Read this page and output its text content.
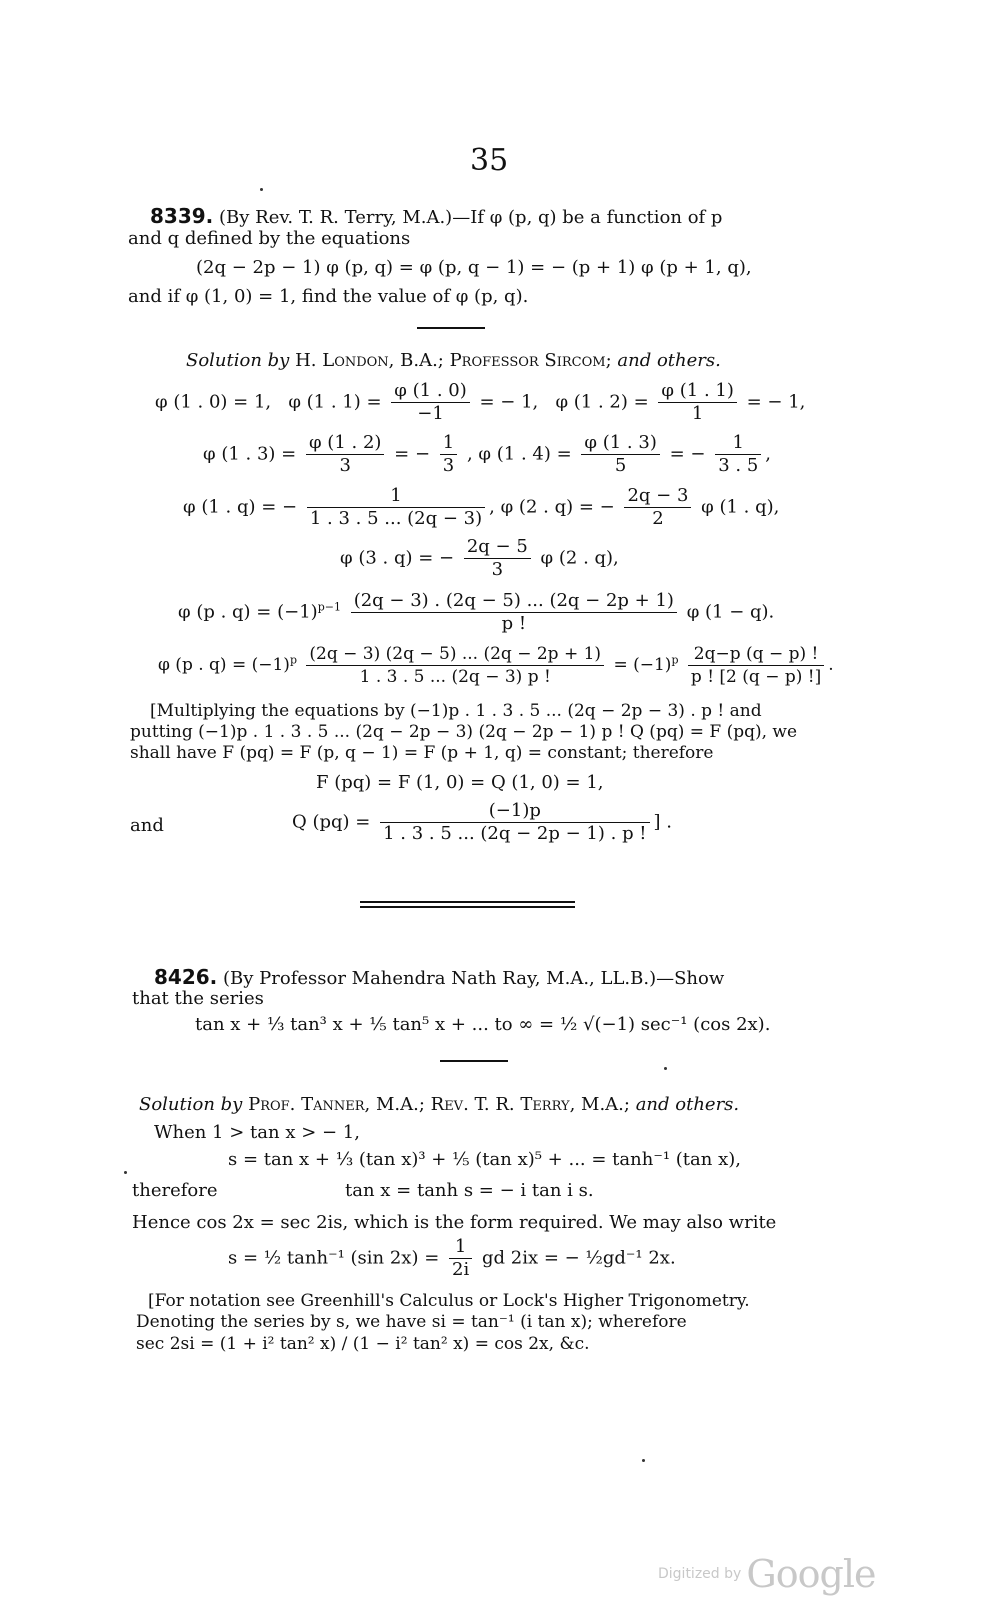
35
8339. (By Rev. T. R. Terry, M.A.)—If φ (p, q) be a function of p
and q defined by the equations
(2q − 2p − 1) φ (p, q) = φ (p, q − 1) = − (p + 1) φ (p + 1, q),
and if φ (1, 0) = 1, find the value of φ (p, q).
Solution by H. London, B.A.; Professor Sircom; and others.
φ (1 . 0) = 1, φ (1 . $1) = \frac{\varphi (1 . 0)}{-1}$ = − 1, φ (1 . $2) = \frac{\varphi (1 . 1)}{1}$ = − 1,
φ (1 . $3) = \frac{\varphi (1 . 2)}{3}$ = − $\frac{1}{3}$ , φ (1 . $4) = \frac{\varphi (1 . 3)}{5}$ = − $\frac{1}{3 . 5}$ ,
φ (1 . q) = − $\frac{1}{1 . 3 . 5 ... (2q - 3)}$ , φ (2 . q) = − $\frac{2q - 3}{2}$ φ (1 . q),
φ (3 . q) = − $\frac{2q - 5}{3}$ φ (2 . q),
φ (p . $q) = (-1)^{p-1} \frac{(2q - 3) . (2q - 5) ... (2q - 2p + 1)}{p !}$ φ (1 − q).
φ (p . $q) = (-1)^p \frac{(2q - 3) (2q - 5) ... (2q - 2p + 1)}{1 . 3 . 5 ... (2q - 3) p !} = (-1)^p \frac{2q-p (q - p) !}{p ! [2 (q - p) !]}$ .
[Multiplying the equations by (−1)p . 1 . 3 . 5 ... (2q − 2p − 3) . p ! and
putting (−1)p . 1 . 3 . 5 ... (2q − 2p − 3) (2q − 2p − 1) p ! Q (pq) = F (pq), we
shall have F (pq) = F (p, q − 1) = F (p + 1, q) = constant; therefore
F (pq) = F (1, 0) = Q (1, 0) = 1,
and	Q $(pq) = \frac{(-1)p}{1 . 3 . 5 ... (2q - 2p - 1) . p !}$ ] .
8426. (By Professor Mahendra Nath Ray, M.A., LL.B.)—Show
that the series
tan x + ⅓ tan³ x + ⅕ tan⁵ x + ... to ∞ = ½ √(−1) sec⁻¹ (cos 2x).
Solution by Prof. Tanner, M.A.; Rev. T. R. Terry, M.A.; and others.
When 1 > tan x > − 1,
s = tan x + ⅓ (tan x)³ + ⅕ (tan x)⁵ + ... = tanh⁻¹ (tan x),
therefore	tan x = tanh s = − i tan i s.
Hence cos 2x = sec 2is, which is the form required. We may also write
s = ½ tanh⁻¹ (sin $2x) = \frac{1}{2i}$ gd 2ix = − ½gd⁻¹ 2x.
[For notation see Greenhill's Calculus or Lock's Higher Trigonometry.
Denoting the series by s, we have si = tan⁻¹ (i tan x); wherefore
sec 2si = (1 + i² tan² x) / (1 − i² tan² x) = cos 2x, &c.
Digitized by Google
